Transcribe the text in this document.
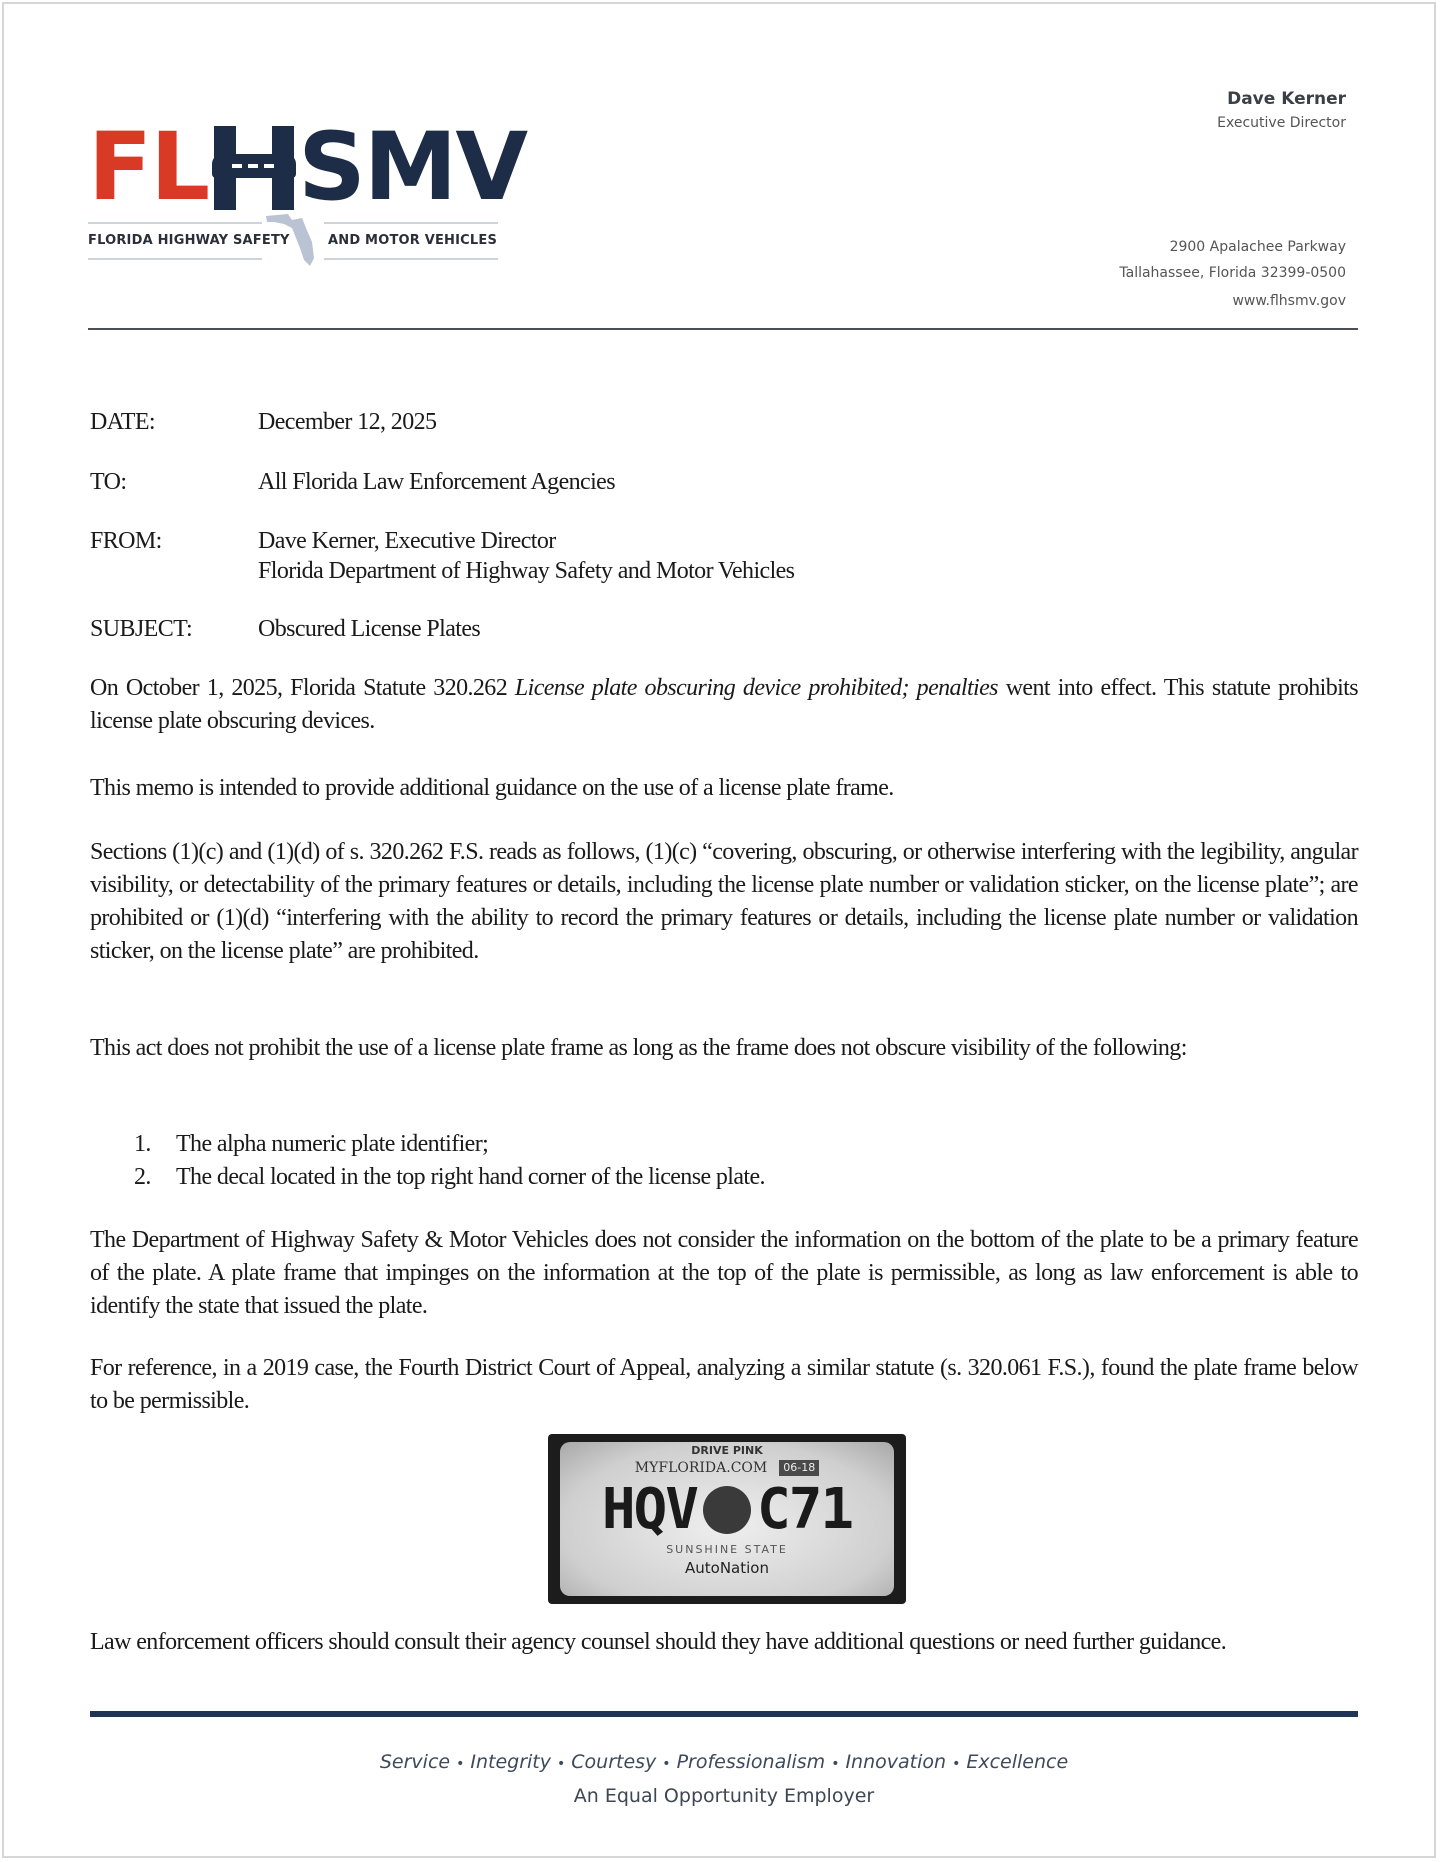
FL SMV
FLORIDA HIGHWAY SAFETY	AND MOTOR VEHICLES
Dave Kerner
Executive Director
2900 Apalachee Parkway
Tallahassee, Florida 32399-0500
www.flhsmv.gov
DATE:	December 12, 2025
TO:	All Florida Law Enforcement Agencies
FROM:	Dave Kerner, Executive Director
Florida Department of Highway Safety and Motor Vehicles
SUBJECT:	Obscured License Plates
On October 1, 2025, Florida Statute 320.262 License plate obscuring device prohibited; penalties went into effect. This statute prohibits license plate obscuring devices.
This memo is intended to provide additional guidance on the use of a license plate frame.
Sections (1)(c) and (1)(d) of s. 320.262 F.S. reads as follows, (1)(c) “covering, obscuring, or otherwise interfering with the legibility, angular visibility, or detectability of the primary features or details, including the license plate number or validation sticker, on the license plate”; are prohibited or (1)(d) “interfering with the ability to record the primary features or details, including the license plate number or validation sticker, on the license plate” are prohibited.
This act does not prohibit the use of a license plate frame as long as the frame does not obscure visibility of the following:
1. The alpha numeric plate identifier;
2. The decal located in the top right hand corner of the license plate.
The Department of Highway Safety & Motor Vehicles does not consider the information on the bottom of the plate to be a primary feature of the plate. A plate frame that impinges on the information at the top of the plate is permissible, as long as law enforcement is able to identify the state that issued the plate.
For reference, in a 2019 case, the Fourth District Court of Appeal, analyzing a similar statute (s. 320.061 F.S.), found the plate frame below to be permissible.
DRIVE PINK
MYFLORIDA.COM	06-18
HQV C71
SUNSHINE STATE
AutoNation
Law enforcement officers should consult their agency counsel should they have additional questions or need further guidance.
Service • Integrity • Courtesy • Professionalism • Innovation • Excellence
An Equal Opportunity Employer
